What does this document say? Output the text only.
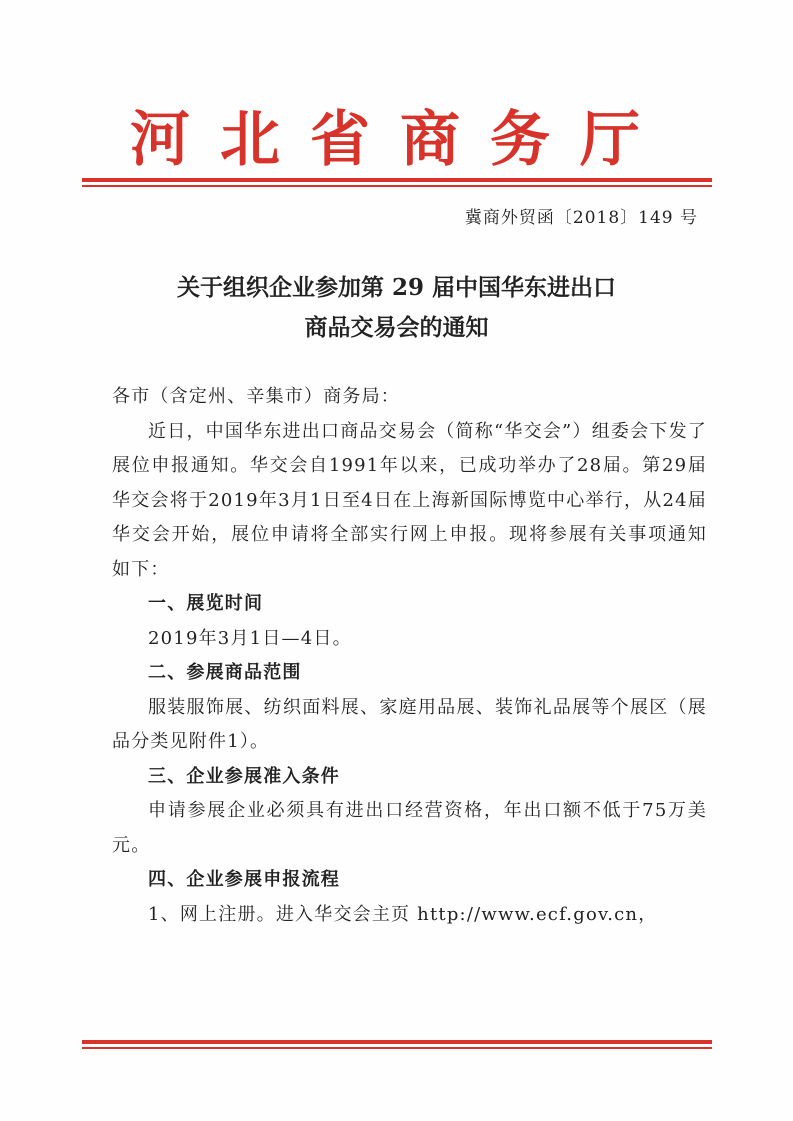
河北省商务厅
冀商外贸函〔2018〕149 号
关于组织企业参加第 29 届中国华东进出口
商品交易会的通知

各市（含定州、辛集市）商务局：

近日，中国华东进出口商品交易会（简称“华交会”）组委会下发了展位申报通知。华交会自1991年以来，已成功举办了28届。第29届华交会将于2019年3月1日至4日在上海新国际博览中心举行，从24届华交会开始，展位申请将全部实行网上申报。现将参展有关事项通知如下：

一、展览时间

2019年3月1日—4日。

二、参展商品范围

服装服饰展、纺织面料展、家庭用品展、装饰礼品展等个展区（展品分类见附件1）。

三、企业参展准入条件

申请参展企业必须具有进出口经营资格，年出口额不低于75万美元。

四、企业参展申报流程

1、网上注册。进入华交会主页 http://www.ecf.gov.cn，
